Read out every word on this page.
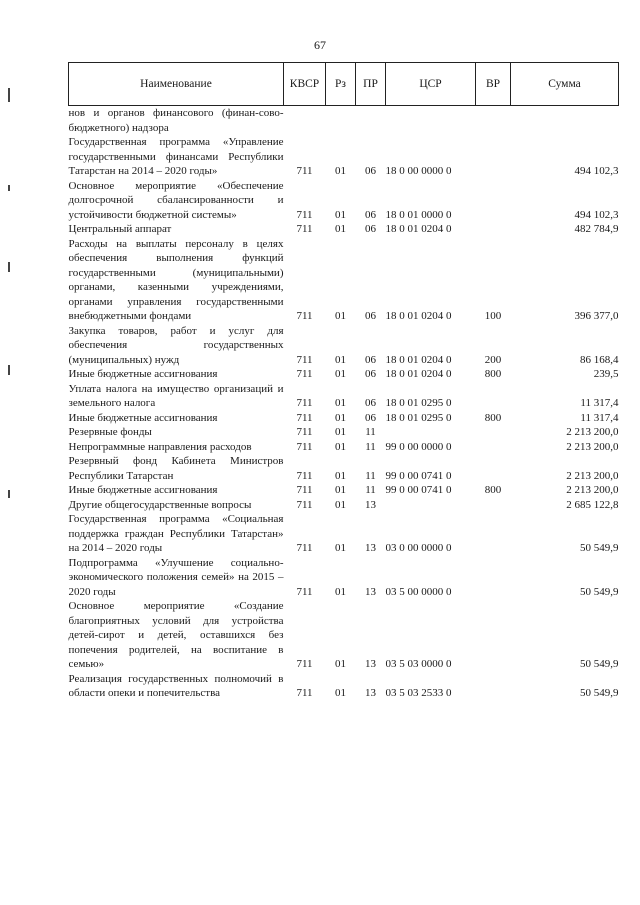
67
Наименование	КВСР	Рз	ПР	ЦСР	ВР	Сумма
нов и органов финансового (финан-сово-бюджетного) надзора						
Государственная программа «Управление государственными финансами Республики Татарстан на 2014 – 2020 годы»	711	01	06	18 0 00 0000 0		494 102,3
Основное мероприятие «Обеспечение долгосрочной сбалансированности и устойчивости бюджетной системы»	711	01	06	18 0 01 0000 0		494 102,3
Центральный аппарат	711	01	06	18 0 01 0204 0		482 784,9
Расходы на выплаты персоналу в целях обеспечения выполнения функций государственными (муниципальными) органами, казенными учреждениями, органами управления государственными внебюджетными фондами	711	01	06	18 0 01 0204 0	100	396 377,0
Закупка товаров, работ и услуг для обеспечения государственных (муниципальных) нужд	711	01	06	18 0 01 0204 0	200	86 168,4
Иные бюджетные ассигнования	711	01	06	18 0 01 0204 0	800	239,5
Уплата налога на имущество организаций и земельного налога	711	01	06	18 0 01 0295 0		11 317,4
Иные бюджетные ассигнования	711	01	06	18 0 01 0295 0	800	11 317,4
Резервные фонды	711	01	11			2 213 200,0
Непрограммные направления расходов	711	01	11	99 0 00 0000 0		2 213 200,0
Резервный фонд Кабинета Министров Республики Татарстан	711	01	11	99 0 00 0741 0		2 213 200,0
Иные бюджетные ассигнования	711	01	11	99 0 00 0741 0	800	2 213 200,0
Другие общегосударственные вопросы	711	01	13			2 685 122,8
Государственная программа «Социальная поддержка граждан Республики Татарстан» на 2014 – 2020 годы	711	01	13	03 0 00 0000 0		50 549,9
Подпрограмма «Улучшение социально-экономического положения семей» на 2015 – 2020 годы	711	01	13	03 5 00 0000 0		50 549,9
Основное мероприятие «Создание благоприятных условий для устройства детей-сирот и детей, оставшихся без попечения родителей, на воспитание в семью»	711	01	13	03 5 03 0000 0		50 549,9
Реализация государственных полномочий в области опеки и попечительства	711	01	13	03 5 03 2533 0		50 549,9
